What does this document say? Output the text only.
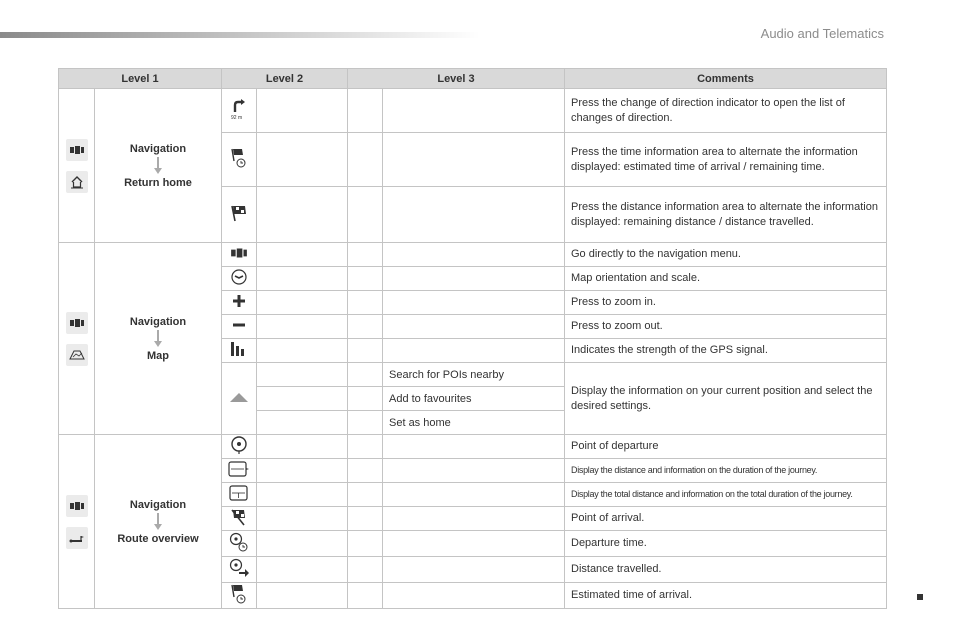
Audio and Telematics
Level 1		Level 2		Level 3		Comments

	Navigation
Return home	92 m				Press the change of direction indicator to open the list of changes of direction.
				Press the time information area to alternate the information displayed: estimated time of arrival / remaining time.
				Press the distance information area to alternate the information displayed: remaining distance / distance travelled.

	Navigation
Map					Go directly to the navigation menu.
				Map orientation and scale.
				Press to zoom in.
				Press to zoom out.
				Indicates the strength of the GPS signal.
			Search for POIs nearby	Display the information on your current position and select the desired settings.
					Add to favourites	
					Set as home	

	Navigation
Route overview					Point of departure
				Display the distance and information on the duration of the journey.
				Display the total distance and information on the total duration of the journey.
				Point of arrival.
				Departure time.
				Distance travelled.
				Estimated time of arrival.
